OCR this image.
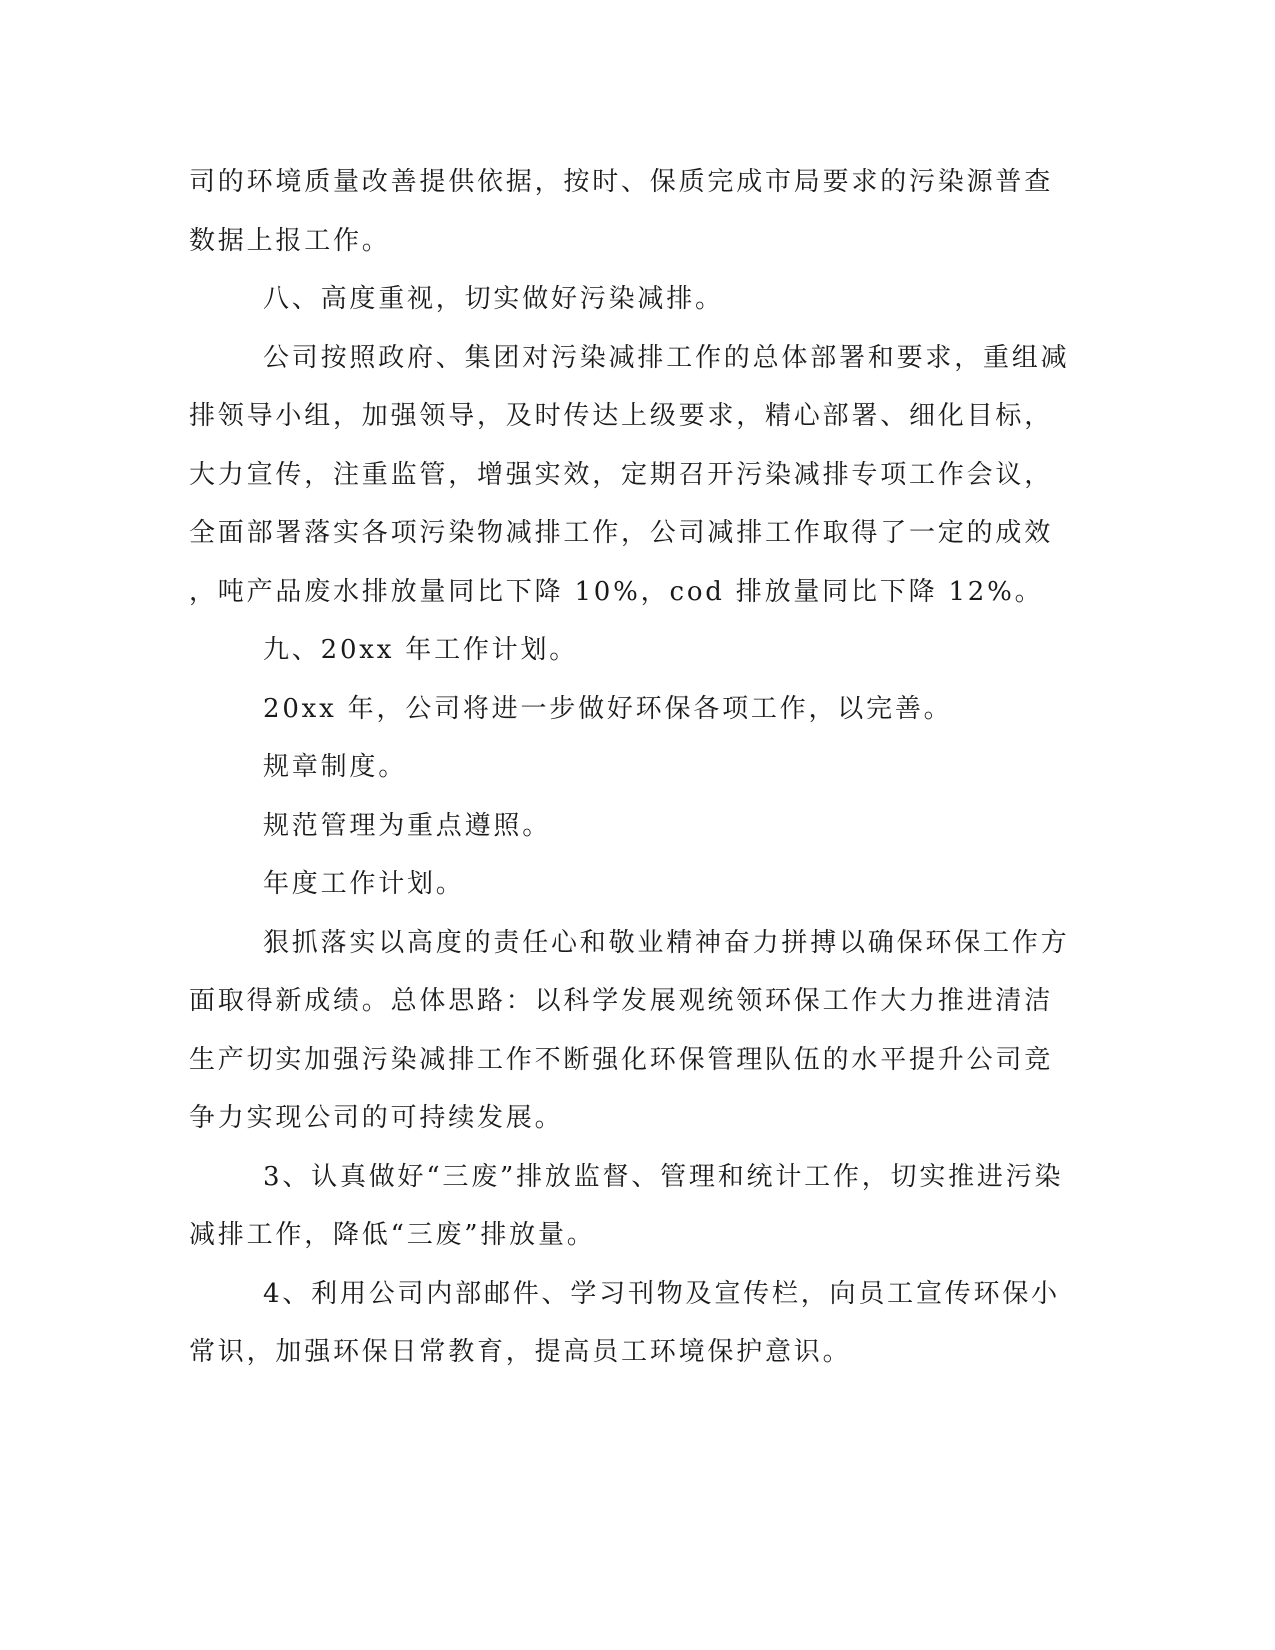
司的环境质量改善提供依据，按时、保质完成市局要求的污染源普查

数据上报工作。

八、高度重视，切实做好污染减排。

公司按照政府、集团对污染减排工作的总体部署和要求，重组减

排领导小组，加强领导，及时传达上级要求，精心部署、细化目标，

大力宣传，注重监管，增强实效，定期召开污染减排专项工作会议，

全面部署落实各项污染物减排工作，公司减排工作取得了一定的成效

，吨产品废水排放量同比下降 10%，cod 排放量同比下降 12%。

九、20xx 年工作计划。

20xx 年，公司将进一步做好环保各项工作，以完善。

规章制度。

规范管理为重点遵照。

年度工作计划。

狠抓落实以高度的责任心和敬业精神奋力拼搏以确保环保工作方

面取得新成绩。总体思路：以科学发展观统领环保工作大力推进清洁

生产切实加强污染减排工作不断强化环保管理队伍的水平提升公司竞

争力实现公司的可持续发展。

3、认真做好“三废”排放监督、管理和统计工作，切实推进污染

减排工作，降低“三废”排放量。

4、利用公司内部邮件、学习刊物及宣传栏，向员工宣传环保小

常识，加强环保日常教育，提高员工环境保护意识。
